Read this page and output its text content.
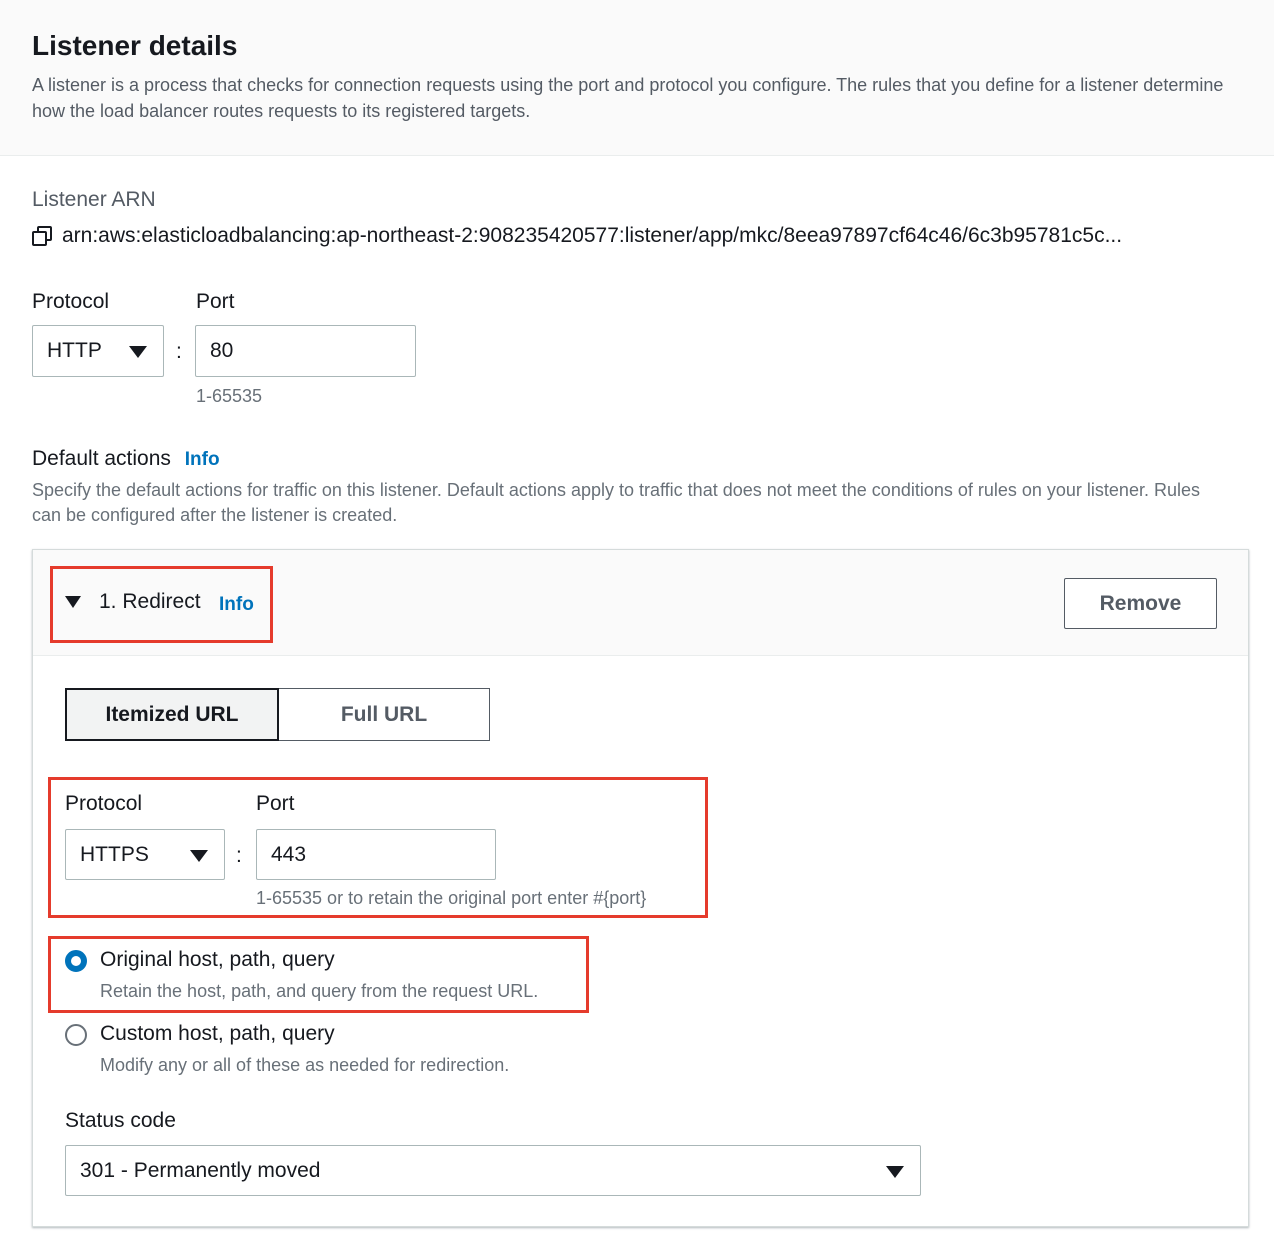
Listener details
A listener is a process that checks for connection requests using the port and protocol you configure. The rules that you define for a listener determine how the load balancer routes requests to its registered targets.
Listener ARN
arn:aws:elasticloadbalancing:ap-northeast-2:908235420577:listener/app/mkc/8eea97897cf64c46/6c3b95781c5c...
Protocol	Port
HTTP	: 80
1-65535
Default actions Info
Specify the default actions for traffic on this listener. Default actions apply to traffic that does not meet the conditions of rules on your listener. Rules can be configured after the listener is created.
1. Redirect Info	Remove
Itemized URL	Full URL
Protocol	Port
HTTPS	: 443
1-65535 or to retain the original port enter #{port}
Original host, path, query
Retain the host, path, and query from the request URL.
Custom host, path, query
Modify any or all of these as needed for redirection.
Status code
301 - Permanently moved
